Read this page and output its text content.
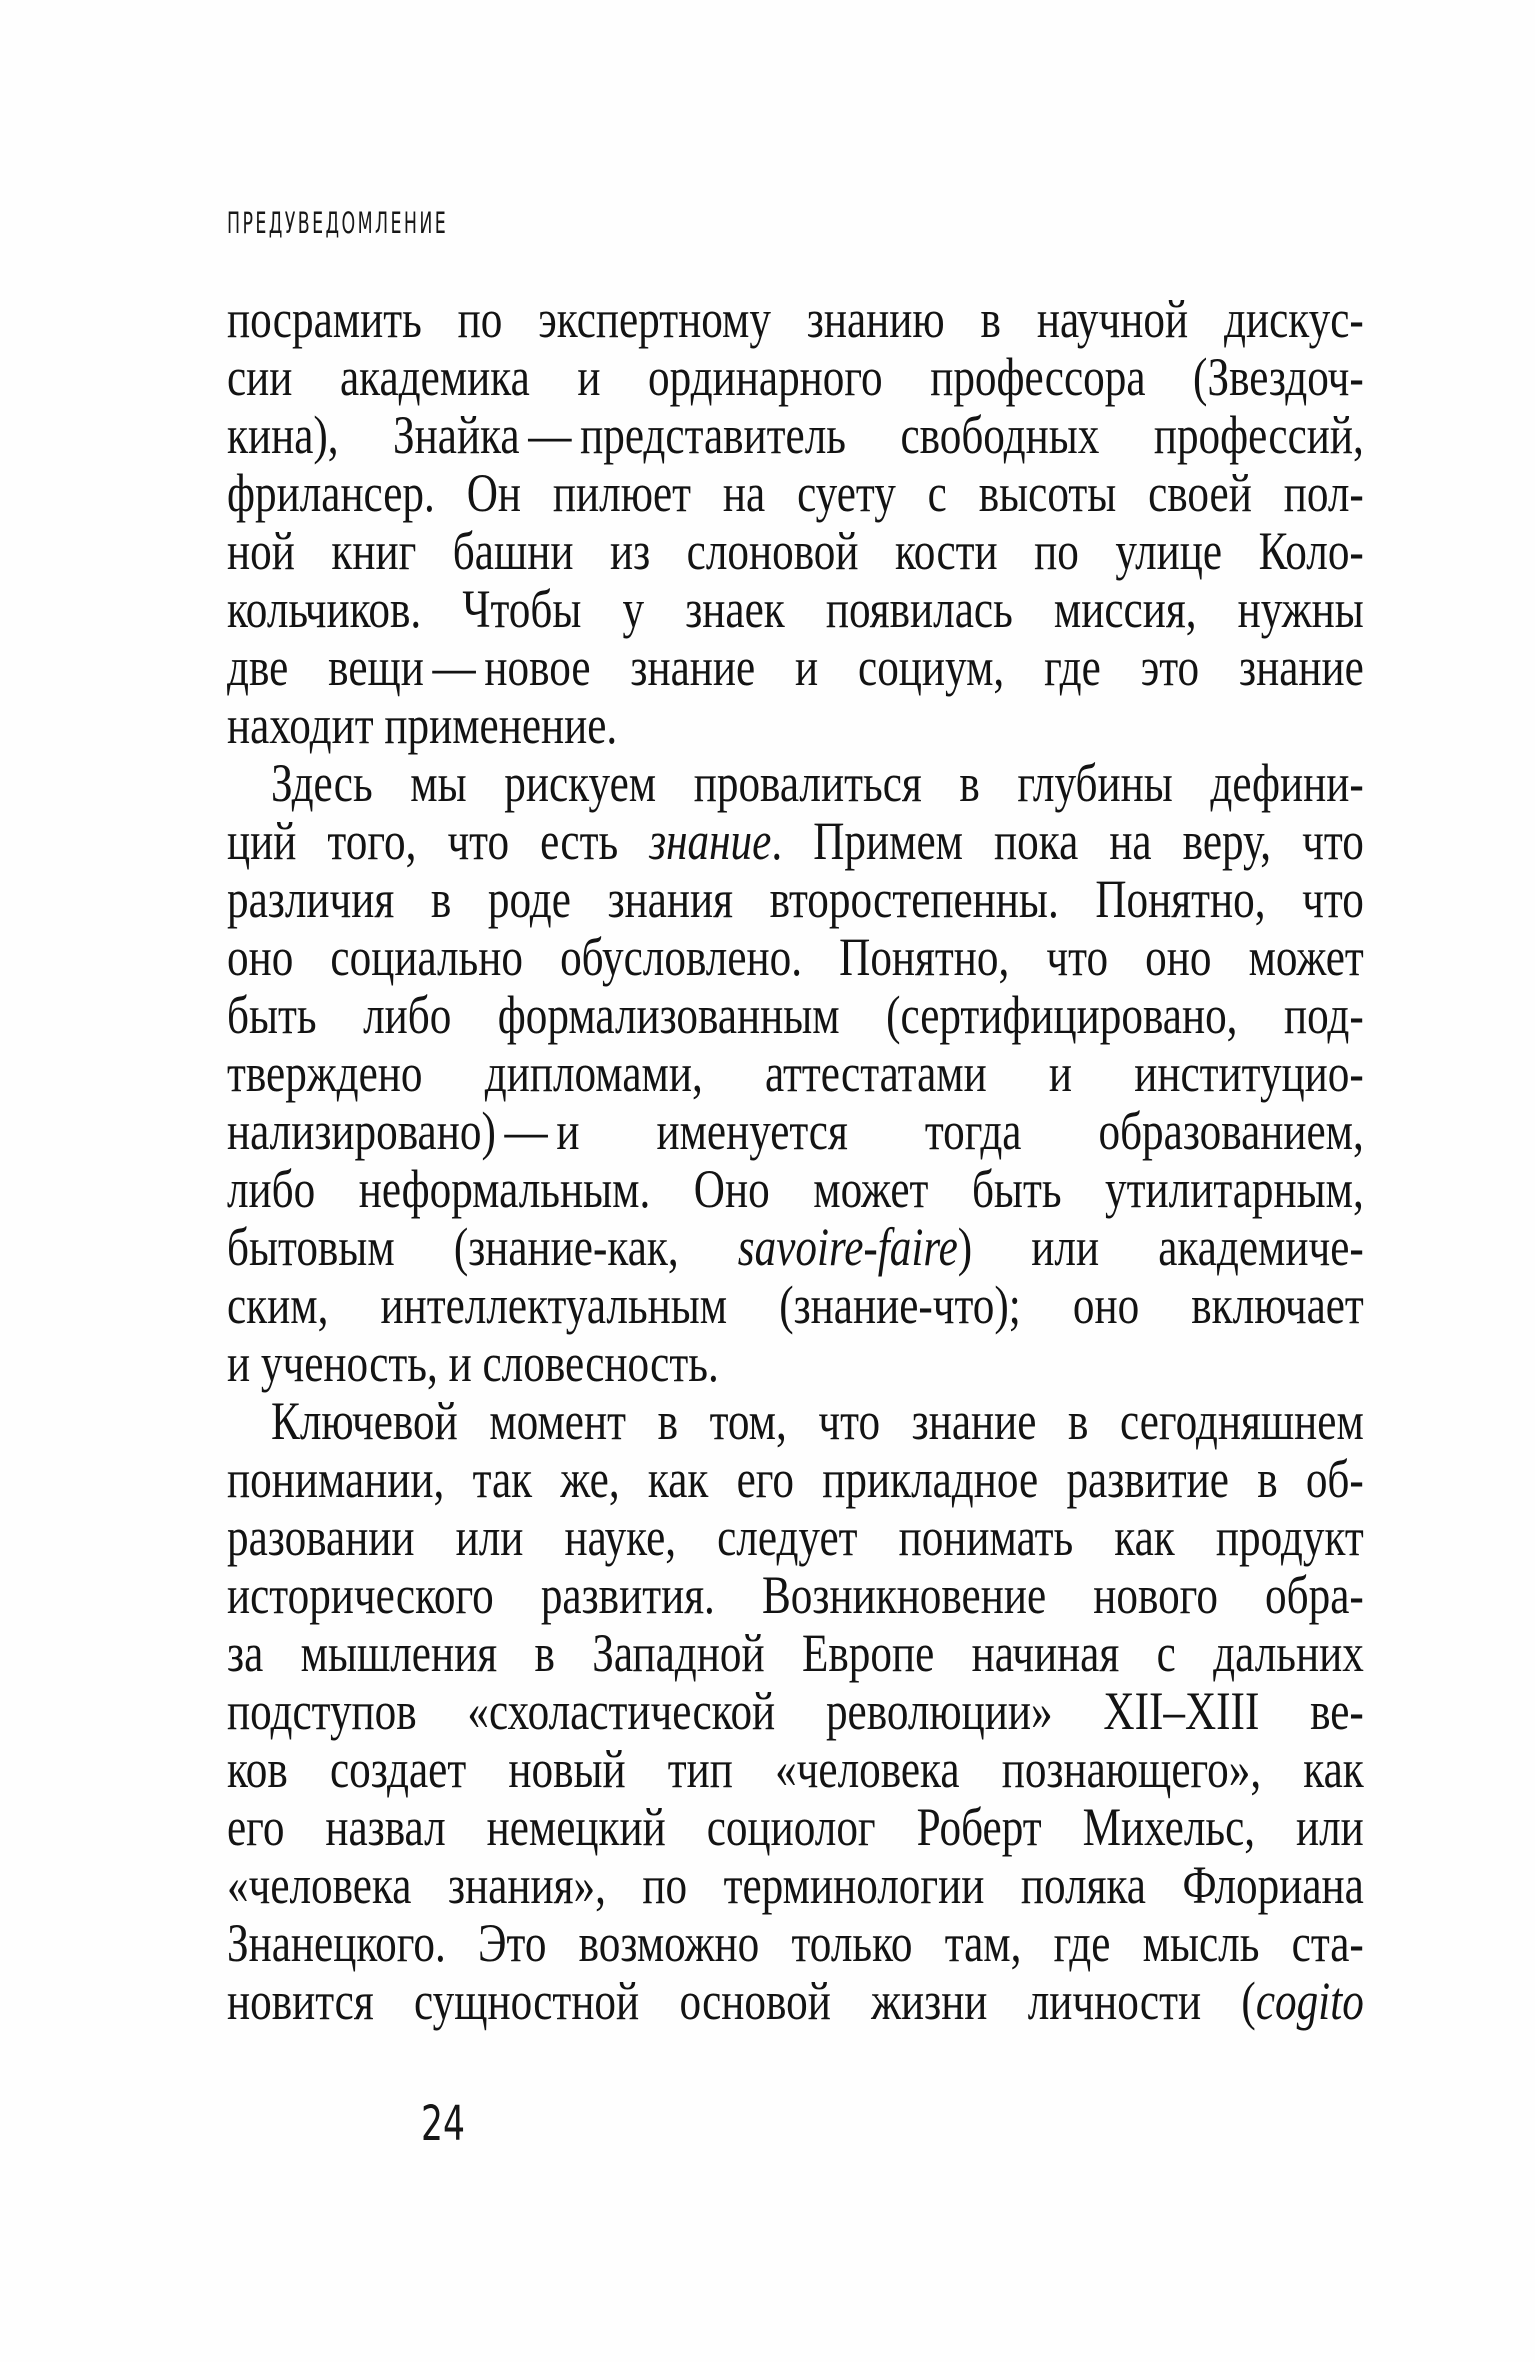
ПРЕДУВЕДОМЛЕНИЕ
посрамить по экспертному знанию в научной дискус-
сии академика и ординарного профессора (Звездоч-
кина), Знайка — представитель свободных профессий,
фрилансер. Он пилюет на суету с высоты своей пол-
ной книг башни из слоновой кости по улице Коло-
кольчиков. Чтобы у знаек появилась миссия, нужны
две вещи — новое знание и социум, где это знание
находит применение.
Здесь мы рискуем провалиться в глубины дефини-
ций того, что есть знание. Примем пока на веру, что
различия в роде знания второстепенны. Понятно, что
оно социально обусловлено. Понятно, что оно может
быть либо формализованным (сертифицировано, под-
тверждено дипломами, аттестатами и институцио-
нализировано) — и именуется тогда образованием,
либо неформальным. Оно может быть утилитарным,
бытовым (знание-как, savoire-faire) или академиче-
ским, интеллектуальным (знание-что); оно включает
и ученость, и словесность.
Ключевой момент в том, что знание в сегодняшнем
понимании, так же, как его прикладное развитие в об-
разовании или науке, следует понимать как продукт
исторического развития. Возникновение нового обра-
за мышления в Западной Европе начиная с дальних
подступов «схоластической революции» XII–XIII ве-
ков создает новый тип «человека познающего», как
его назвал немецкий социолог Роберт Михельс, или
«человека знания», по терминологии поляка Флориана
Знанецкого. Это возможно только там, где мысль ста-
новится сущностной основой жизни личности (cogito
24
